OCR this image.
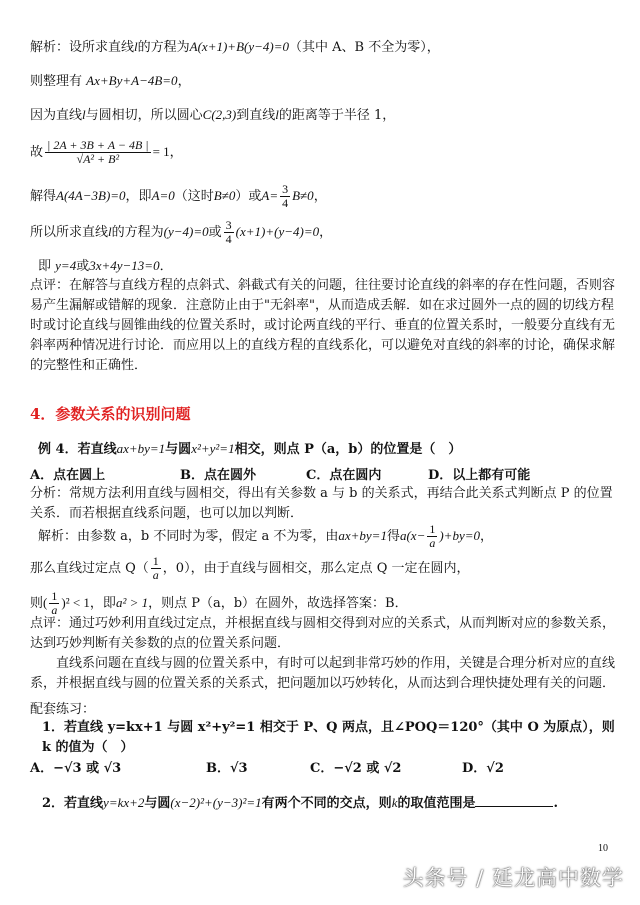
解析：设所求直线l的方程为A(x+1)+B(y−4)=0（其中 A、B 不全为零），
则整理有 Ax+By+A−4B=0，
因为直线l与圆相切，所以圆心C(2,3)到直线l的距离等于半径 1，
故 $\frac{| 2A + 3B + A - 4B |}{\text{√A² + B²}} = 1$，
解得A(4A−3B)=0，即A=0（这时B≠0）或$A= \frac{3}{4} B\ne 0$，
所以所求直线l的方程为(y−4)=0或 $\frac{3}{4} (x+1)+(y-4)=0$，
即 y=4或3x+4y−13=0．
点评：在解答与直线方程的点斜式、斜截式有关的问题，往往要讨论直线的斜率的存在性问题，否则容易产生漏解或错解的现象．注意防止由于"无斜率"，从而造成丢解．如在求过圆外一点的圆的切线方程时或讨论直线与圆锥曲线的位置关系时，或讨论两直线的平行、垂直的位置关系时，一般要分直线有无斜率两种情况进行讨论．而应用以上的直线方程的直线系化，可以避免对直线的斜率的讨论，确保求解的完整性和正确性．
4．参数关系的识别问题
例 4．若直线ax+by=1与圆x²+y²=1相交，则点 P（a，b）的位置是（　）
A．点在圆上	B．点在圆外	C．点在圆内	D．以上都有可能
分析：常规方法利用直线与圆相交，得出有关参数 a 与 b 的关系式，再结合此关系式判断点 P 的位置关系．而若根据直线系问题，也可以加以判断．
解析：由参数 a，b 不同时为零，假定 a 不为零，由ax+by=1得$a(x- \frac{1}{a} )+by=0$，
那么直线过定点 $Q( \frac{1}{a}$ ，0），由于直线与圆相交，那么定点 Q 一定在圆内，
则( $\frac{1}{a} )^2 < 1$，即a² > 1，则点 P（a，b）在圆外，故选择答案：B．
点评：通过巧妙利用直线过定点，并根据直线与圆相交得到对应的关系式，从而判断对应的参数关系，达到巧妙判断有关参数的点的位置关系问题．
直线系问题在直线与圆的位置关系中，有时可以起到非常巧妙的作用，关键是合理分析对应的直线系，并根据直线与圆的位置关系的关系式，把问题加以巧妙转化，从而达到合理快捷处理有关的问题．
配套练习：
1．若直线 y=kx+1 与圆 x²+y²=1 相交于 P、Q 两点，且∠POQ＝120°（其中 O 为原点），则 k 的值为（　）
A．−√3 或 √3	B．√3	C．−√2 或 √2	D．√2
2．若直线y=kx+2与圆(x−2)²+(y−3)²=1有两个不同的交点，则k的取值范围是	.
10
头条号 / 延龙高中数学
